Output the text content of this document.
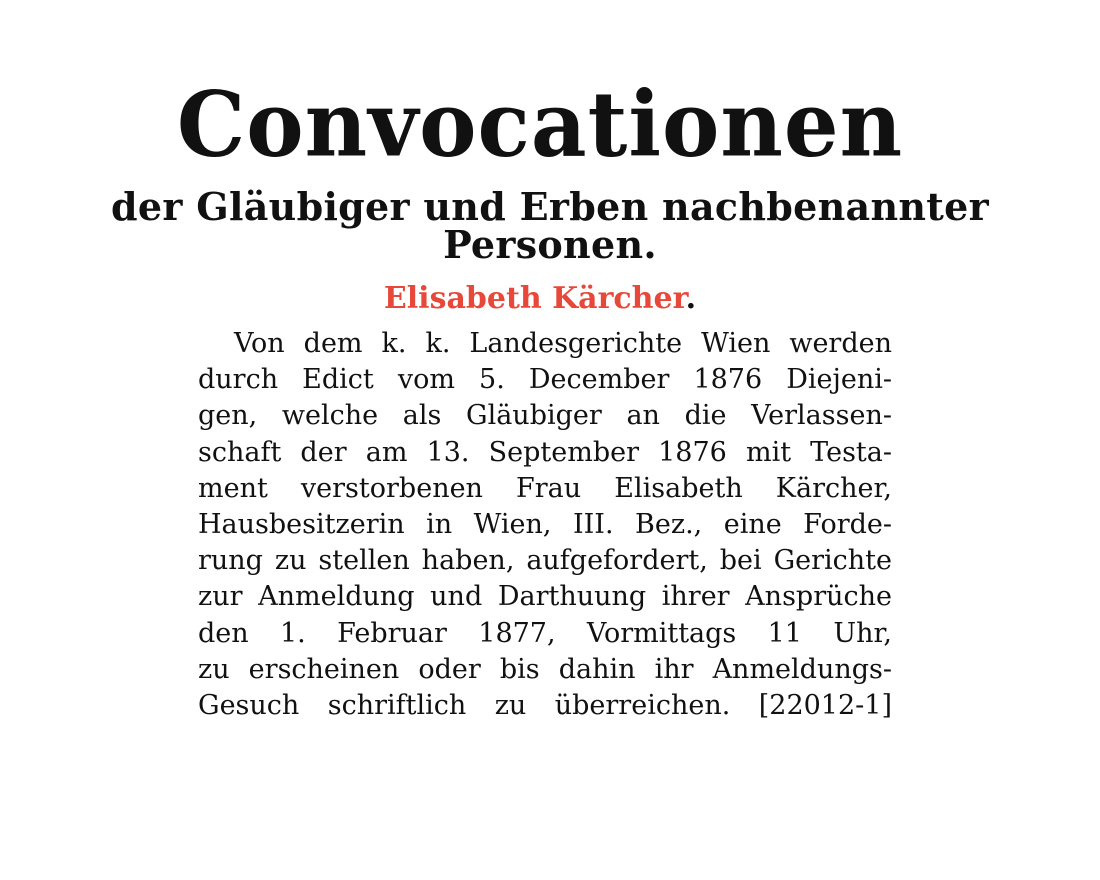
Convocationen
der Gläubiger und Erben nachbenannter Personen.
Elisabeth Kärcher.
Von dem k. k. Landesgerichte Wien werden
durch Edict vom 5. December 1876 Diejeni-
gen, welche als Gläubiger an die Verlassen-
schaft der am 13. September 1876 mit Testa-
ment verstorbenen Frau Elisabeth Kärcher,
Hausbesitzerin in Wien, III. Bez., eine Forde-
rung zu stellen haben, aufgefordert, bei Gerichte
zur Anmeldung und Darthuung ihrer Ansprüche
den 1. Februar 1877, Vormittags 11 Uhr,
zu erscheinen oder bis dahin ihr Anmeldungs-
Gesuch schriftlich zu überreichen. [22012-1]
